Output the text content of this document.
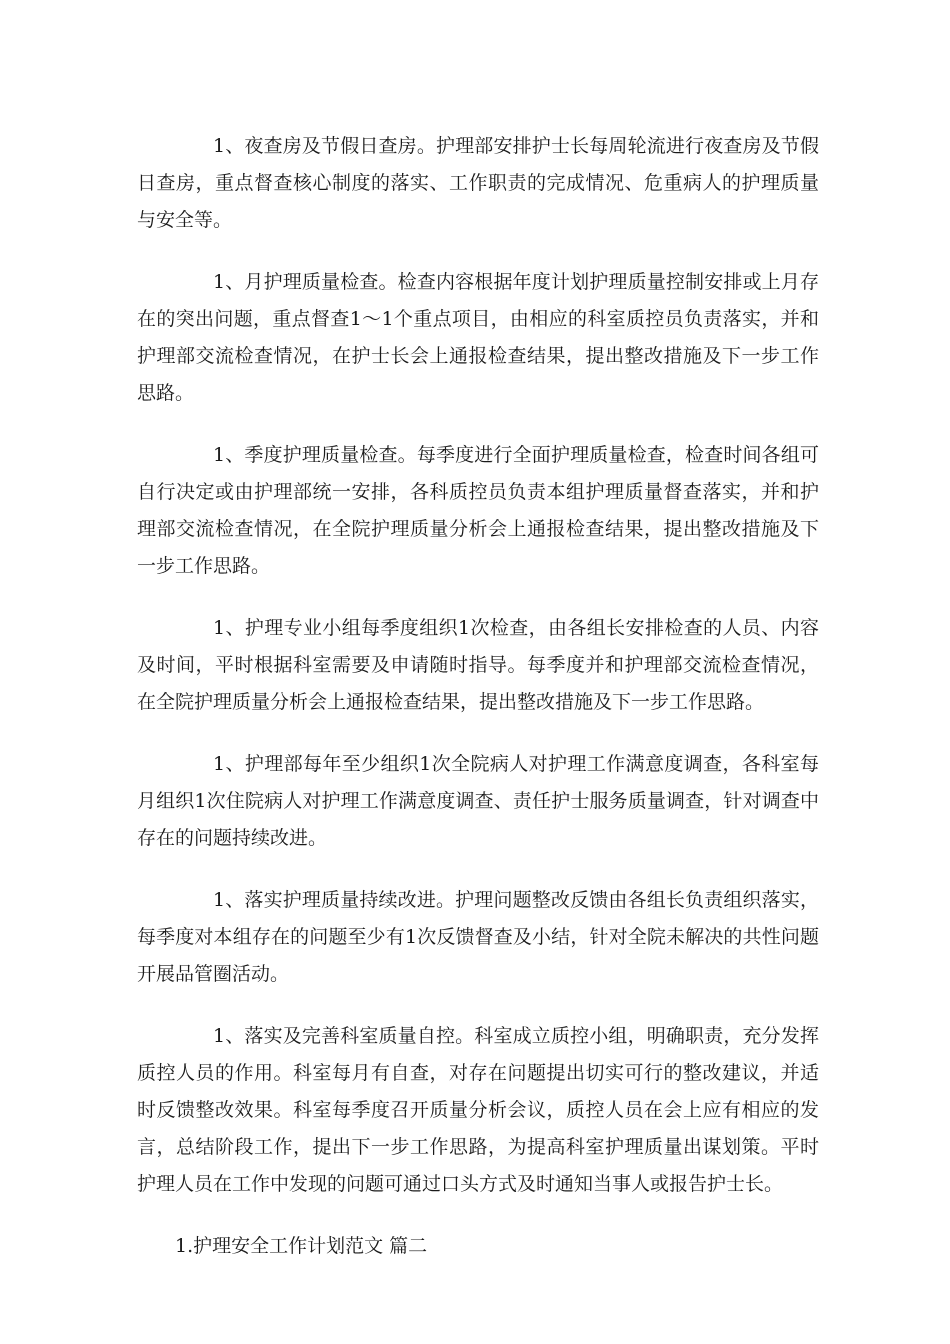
1、夜查房及节假日查房。护理部安排护士长每周轮流进行夜查房及节假日查房，重点督查核心制度的落实、工作职责的完成情况、危重病人的护理质量与安全等。

1、月护理质量检查。检查内容根据年度计划护理质量控制安排或上月存在的突出问题，重点督查1～1个重点项目，由相应的科室质控员负责落实，并和护理部交流检查情况，在护士长会上通报检查结果，提出整改措施及下一步工作思路。

1、季度护理质量检查。每季度进行全面护理质量检查，检查时间各组可自行决定或由护理部统一安排，各科质控员负责本组护理质量督查落实，并和护理部交流检查情况，在全院护理质量分析会上通报检查结果，提出整改措施及下一步工作思路。

1、护理专业小组每季度组织1次检查，由各组长安排检查的人员、内容及时间，平时根据科室需要及申请随时指导。每季度并和护理部交流检查情况，在全院护理质量分析会上通报检查结果，提出整改措施及下一步工作思路。

1、护理部每年至少组织1次全院病人对护理工作满意度调查，各科室每月组织1次住院病人对护理工作满意度调查、责任护士服务质量调查，针对调查中存在的问题持续改进。

1、落实护理质量持续改进。护理问题整改反馈由各组长负责组织落实，每季度对本组存在的问题至少有1次反馈督查及小结，针对全院未解决的共性问题开展品管圈活动。

1、落实及完善科室质量自控。科室成立质控小组，明确职责，充分发挥质控人员的作用。科室每月有自查，对存在问题提出切实可行的整改建议，并适时反馈整改效果。科室每季度召开质量分析会议，质控人员在会上应有相应的发言，总结阶段工作，提出下一步工作思路，为提高科室护理质量出谋划策。平时护理人员在工作中发现的问题可通过口头方式及时通知当事人或报告护士长。

1.护理安全工作计划范文 篇二
